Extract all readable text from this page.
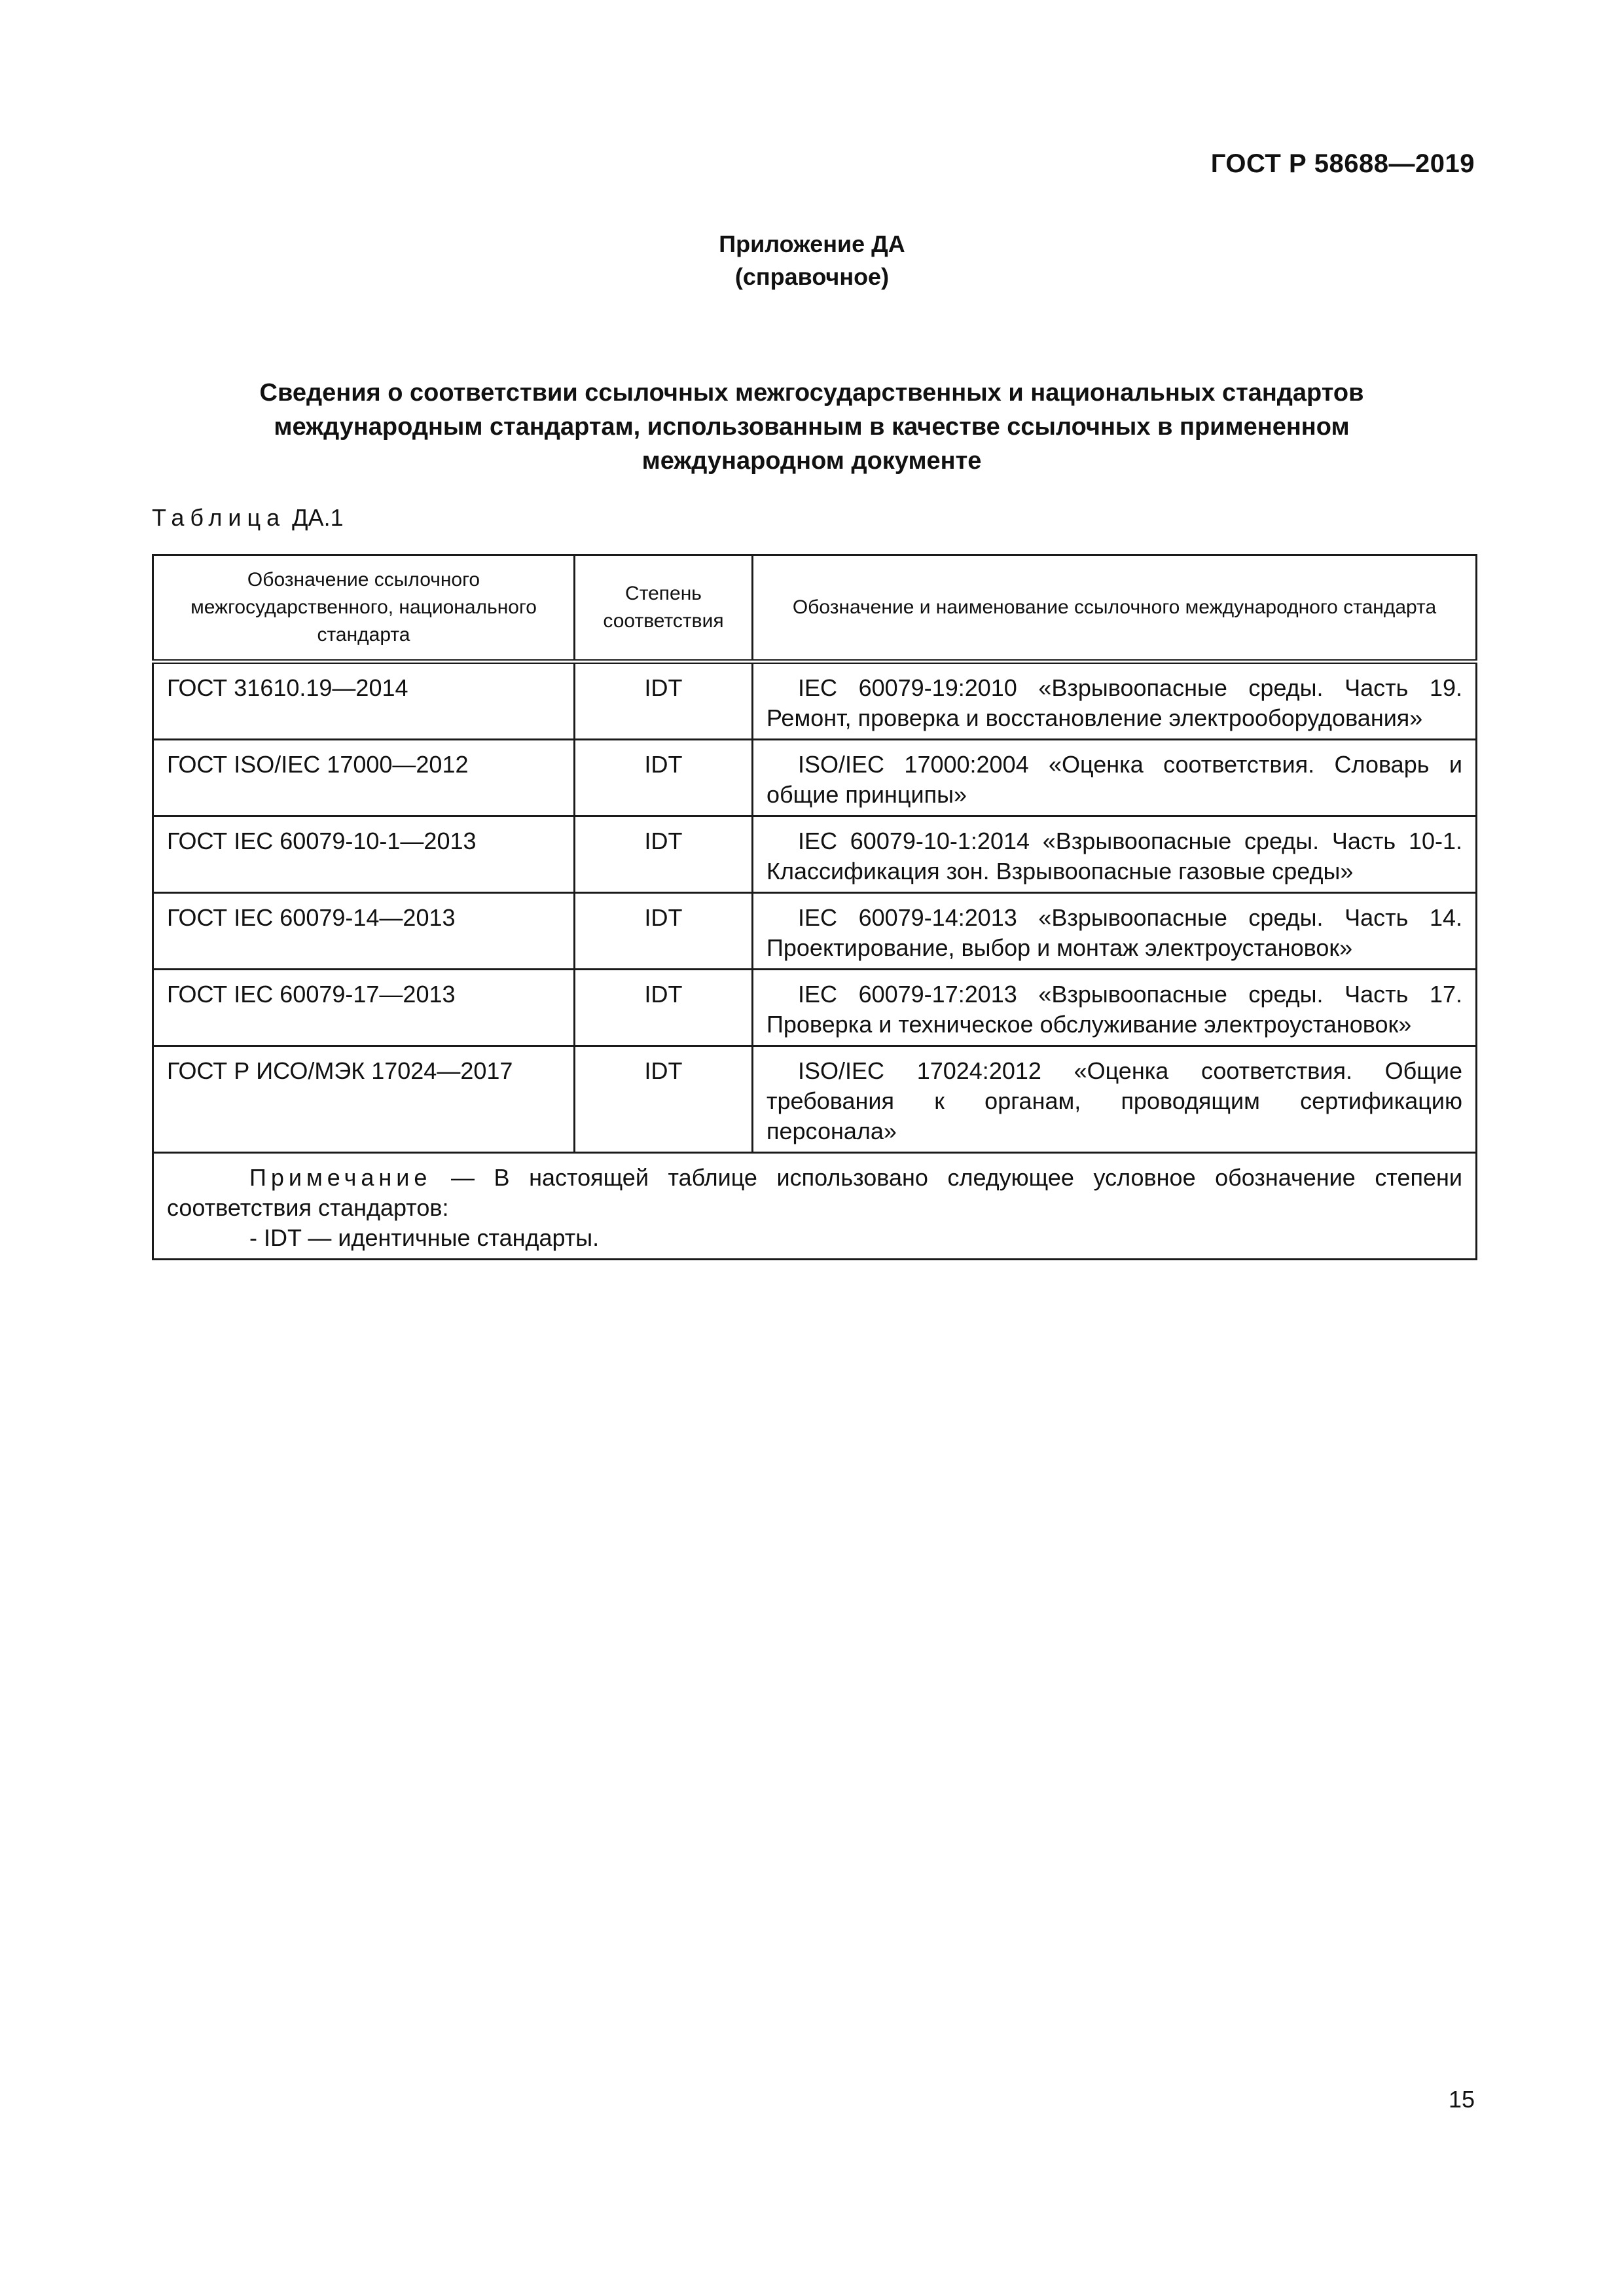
ГОСТ Р 58688—2019
Приложение ДА
(справочное)
Сведения о соответствии ссылочных межгосударственных и национальных стандартов
международным стандартам, использованным в качестве ссылочных в примененном
международном документе
Таблица ДА.1
Обозначение ссылочного межгосударственного, национального стандарта	Степень соответствия	Обозначение и наименование ссылочного международного стандарта
ГОСТ 31610.19—2014	IDT	IEC 60079-19:2010 «Взрывоопасные среды. Часть 19. Ремонт, проверка и восстановление электрооборудования»
ГОСТ ISO/IEC 17000—2012	IDT	ISO/IEC 17000:2004 «Оценка соответствия. Словарь и общие принципы»
ГОСТ IEC 60079-10-1—2013	IDT	IEC 60079-10-1:2014 «Взрывоопасные среды. Часть 10-1. Классификация зон. Взрывоопасные газовые среды»
ГОСТ IEC 60079-14—2013	IDT	IEC 60079-14:2013 «Взрывоопасные среды. Часть 14. Проектирование, выбор и монтаж электроустановок»
ГОСТ IEC 60079-17—2013	IDT	IEC 60079-17:2013 «Взрывоопасные среды. Часть 17. Проверка и техническое обслуживание электроустановок»
ГОСТ Р ИСО/МЭК 17024—2017	IDT	ISO/IEC 17024:2012 «Оценка соответствия. Общие требования к органам, проводящим сертификацию персонала»

Примечание — В настоящей таблице использовано следующее условное обозначение степени соответствия стандартов:
- IDT — идентичные стандарты.		
15
